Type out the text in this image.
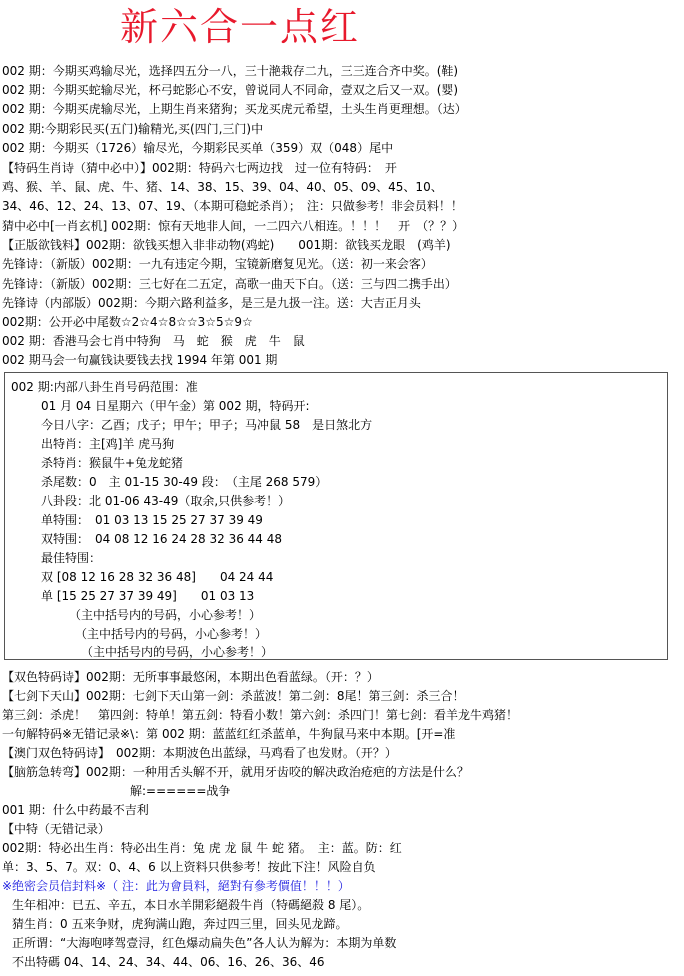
新六合一点红
002 期：今期买鸡输尽光，选择四五分一八，三十滟栽存二九，三三连合齐中奖。(鞋)
002 期：今期买蛇输尽光，杯弓蛇影心不安，曾说同人不同命，壹双之后又一双。(婴)
002 期：今期买虎输尽光，上期生肖来猪狗；买龙买虎元希望，土头生肖更理想。（达）
002 期:今期彩民买(五门)输精光,买(四门,三门)中
002 期：今期买（1726）输尽光，今期彩民买单（359）双（048）尾中
【特码生肖诗（猜中必中）】002期：特码六七两边找　过一位有特码：　开
鸡、猴、羊、鼠、虎、牛、猪、14、38、15、39、04、40、05、09、45、10、
34、46、12、24、13、07、19、（本期可稳蛇杀肖）；　注：只做参考！非会员料！！
猜中必中[一肖玄机] 002期：惊有天地非人间，一二四六八相连。！！！　开　（？？）
【正版欲钱料】002期：欲钱买想入非非动物(鸡蛇)　　001期：欲钱买龙眼　(鸡羊)
先锋诗：（新版）002期：一九有违定今期，宝镜新磨复见光。（送：初一来会客）
先锋诗：（新版）002期：三七好在二五定，高歌一曲天下白。（送：三与四二携手出）
先锋诗（内部版）002期：今期六路利益多，是三是九扱一注。送：大吉正月头
002期：公开必中尾数☆2☆4☆8☆☆3☆5☆9☆
002 期：香港马会七肖中特狗　马　蛇　猴　虎　牛　鼠
002 期马会一句赢钱诀要钱去找 1994 年第 001 期
002 期:内部八卦生肖号码范围：准
01 月 04 日星期六（甲午金）第 002 期，特码开:
今日八字：乙酉；戊子；甲午；甲子；马冲鼠 58　是日煞北方
出特肖：主[鸡]羊 虎马狗
杀特肖：猴鼠牛+兔龙蛇猪
杀尾数：0　主 01-15 30-49 段：　（主尾 268 579）
八卦段：北 01-06 43-49（取余,只供参考！）
单特围：　01 03 13 15 25 27 37 39 49
双特围：　04 08 12 16 24 28 32 36 44 48
最佳特围：
双 [08 12 16 28 32 36 48]　　04 24 44
单 [15 25 27 37 39 49]　　01 03 13
（主中括号内的号码，小心参考！）
（主中括号内的号码，小心参考！）
（主中括号内的号码，小心参考！）
【双色特码诗】002期：无所事事最悠闲，本期出色看蓝绿。（开：？）
【七剑下天山】002期：七剑下天山第一剑：杀蓝波！第二剑：8尾！第三剑：杀三合！
第三剑：杀虎！　第四剑：特单！第五剑：特看小数！第六剑：杀四门！第七剑：看羊龙牛鸡猪！
一句解特码※无错记录※\：第 002 期：蓝蓝红红杀蓝单，牛狗鼠马来中本期。[开=准
【澳门双色特码诗】　002期：本期波色出蓝绿，马鸡看了也发财。（开？）
【脑筋急转弯】002期：一种用舌头解不开，就用牙齿咬的解决政治疮疤的方法是什么？
解:======战争
001 期：什么中药最不吉利
【中特（无错记录）
002期：特必出生肖：特必出生肖：兔 虎 龙 鼠 牛 蛇 猪。　主：蓝。防：红
单：3、5、7。双：0、4、6 以上资料只供参考！按此下注！风险自负
※绝密会员信封料※（ 注：此为會員料，絕對有參考價值！！！）
生年相冲：已五、辛五，本日水羊開彩絕殺牛肖（特碼絕殺 8 尾）。
猜生肖：0 五来争财，虎狗满山跑，奔过四三里，回头见龙蹄。
正所谓：“大海咆哮驾壹浔，红色爆动扁失色”各人认为解为：本期为单数
不出特碼 04、14、24、34、44、06、16、26、36、46
